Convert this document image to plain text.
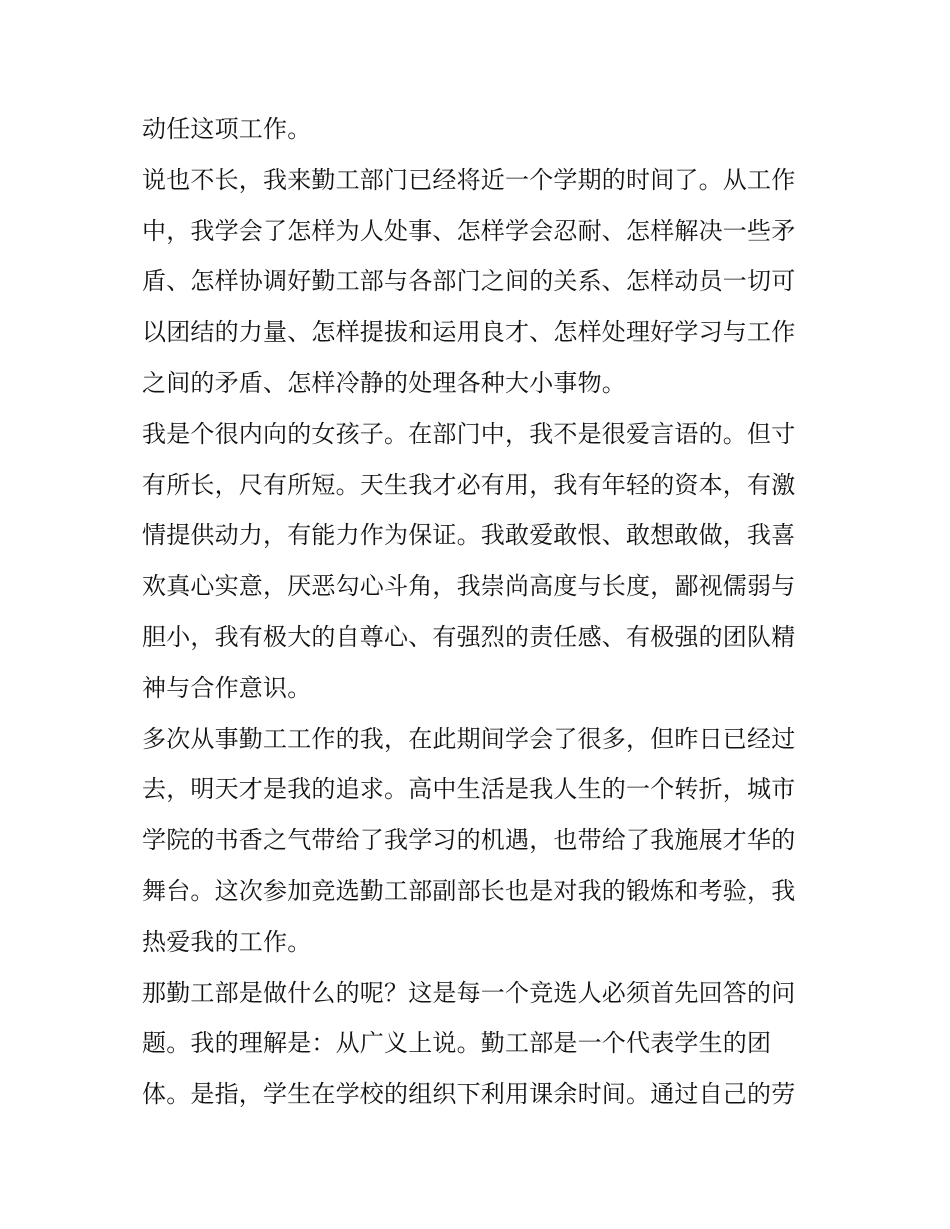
动任这项工作。
说也不长，我来勤工部门已经将近一个学期的时间了。从工作
中，我学会了怎样为人处事、怎样学会忍耐、怎样解决一些矛
盾、怎样协调好勤工部与各部门之间的关系、怎样动员一切可
以团结的力量、怎样提拔和运用良才、怎样处理好学习与工作
之间的矛盾、怎样冷静的处理各种大小事物。
我是个很内向的女孩子。在部门中，我不是很爱言语的。但寸
有所长，尺有所短。天生我才必有用，我有年轻的资本，有激
情提供动力，有能力作为保证。我敢爱敢恨、敢想敢做，我喜
欢真心实意，厌恶勾心斗角，我崇尚高度与长度，鄙视儒弱与
胆小，我有极大的自尊心、有强烈的责任感、有极强的团队精
神与合作意识。
多次从事勤工工作的我，在此期间学会了很多，但昨日已经过
去，明天才是我的追求。高中生活是我人生的一个转折，城市
学院的书香之气带给了我学习的机遇，也带给了我施展才华的
舞台。这次参加竞选勤工部副部长也是对我的锻炼和考验，我
热爱我的工作。
那勤工部是做什么的呢？这是每一个竞选人必须首先回答的问
题。我的理解是：从广义上说。勤工部是一个代表学生的团
体。是指，学生在学校的组织下利用课余时间。通过自己的劳
